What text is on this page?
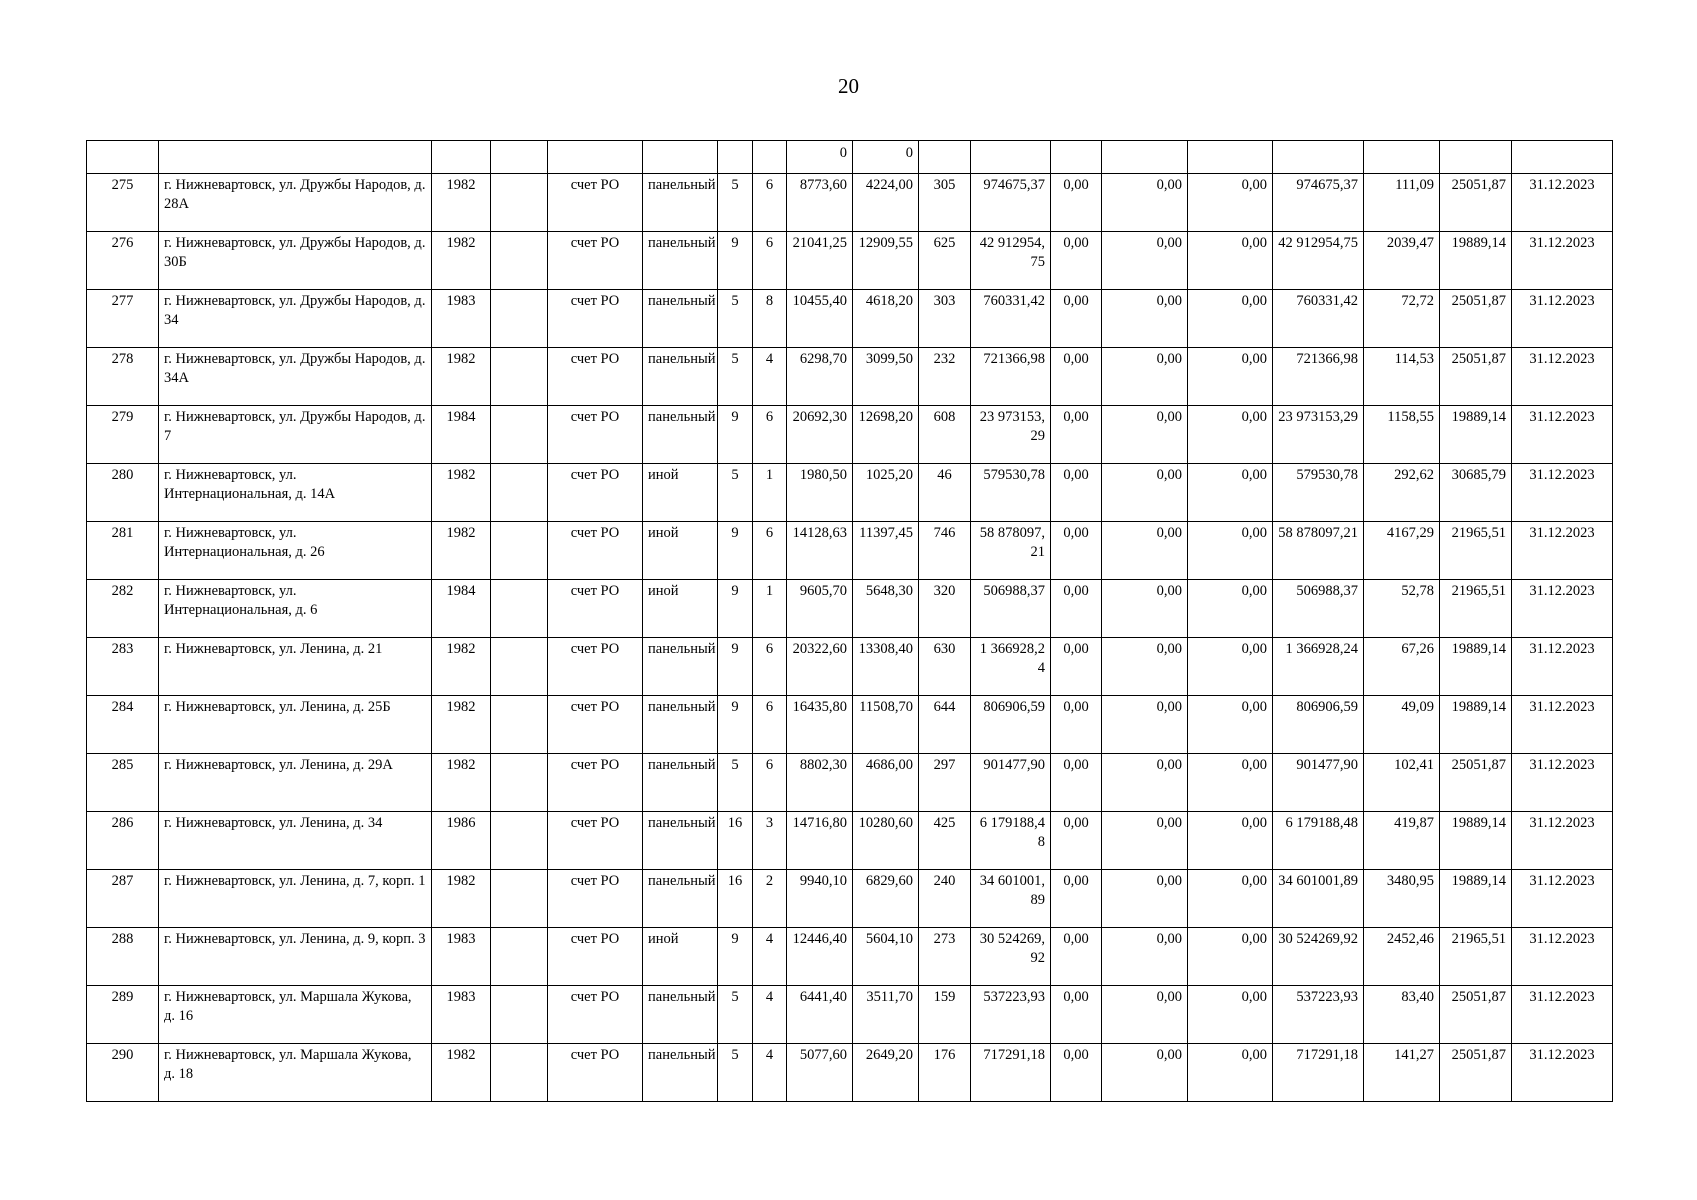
20
								0	0									
275	г. Нижневартовск, ул. Дружбы Народов, д. 28А	1982		счет РО	панельный	5	6	8773,60	4224,00	305	974675,37	0,00	0,00	0,00	974675,37	111,09	25051,87	31.12.2023
276	г. Нижневартовск, ул. Дружбы Народов, д. 30Б	1982		счет РО	панельный	9	6	21041,25	12909,55	625	42 912954,75	0,00	0,00	0,00	42 912954,75	2039,47	19889,14	31.12.2023
277	г. Нижневартовск, ул. Дружбы Народов, д. 34	1983		счет РО	панельный	5	8	10455,40	4618,20	303	760331,42	0,00	0,00	0,00	760331,42	72,72	25051,87	31.12.2023
278	г. Нижневартовск, ул. Дружбы Народов, д. 34А	1982		счет РО	панельный	5	4	6298,70	3099,50	232	721366,98	0,00	0,00	0,00	721366,98	114,53	25051,87	31.12.2023
279	г. Нижневартовск, ул. Дружбы Народов, д. 7	1984		счет РО	панельный	9	6	20692,30	12698,20	608	23 973153,29	0,00	0,00	0,00	23 973153,29	1158,55	19889,14	31.12.2023
280	г. Нижневартовск, ул. Интернациональная, д. 14А	1982		счет РО	иной	5	1	1980,50	1025,20	46	579530,78	0,00	0,00	0,00	579530,78	292,62	30685,79	31.12.2023
281	г. Нижневартовск, ул. Интернациональная, д. 26	1982		счет РО	иной	9	6	14128,63	11397,45	746	58 878097,21	0,00	0,00	0,00	58 878097,21	4167,29	21965,51	31.12.2023
282	г. Нижневартовск, ул. Интернациональная, д. 6	1984		счет РО	иной	9	1	9605,70	5648,30	320	506988,37	0,00	0,00	0,00	506988,37	52,78	21965,51	31.12.2023
283	г. Нижневартовск, ул. Ленина, д. 21	1982		счет РО	панельный	9	6	20322,60	13308,40	630	1 366928,24	0,00	0,00	0,00	1 366928,24	67,26	19889,14	31.12.2023
284	г. Нижневартовск, ул. Ленина, д. 25Б	1982		счет РО	панельный	9	6	16435,80	11508,70	644	806906,59	0,00	0,00	0,00	806906,59	49,09	19889,14	31.12.2023
285	г. Нижневартовск, ул. Ленина, д. 29А	1982		счет РО	панельный	5	6	8802,30	4686,00	297	901477,90	0,00	0,00	0,00	901477,90	102,41	25051,87	31.12.2023
286	г. Нижневартовск, ул. Ленина, д. 34	1986		счет РО	панельный	16	3	14716,80	10280,60	425	6 179188,48	0,00	0,00	0,00	6 179188,48	419,87	19889,14	31.12.2023
287	г. Нижневартовск, ул. Ленина, д. 7, корп. 1	1982		счет РО	панельный	16	2	9940,10	6829,60	240	34 601001,89	0,00	0,00	0,00	34 601001,89	3480,95	19889,14	31.12.2023
288	г. Нижневартовск, ул. Ленина, д. 9, корп. 3	1983		счет РО	иной	9	4	12446,40	5604,10	273	30 524269,92	0,00	0,00	0,00	30 524269,92	2452,46	21965,51	31.12.2023
289	г. Нижневартовск, ул. Маршала Жукова, д. 16	1983		счет РО	панельный	5	4	6441,40	3511,70	159	537223,93	0,00	0,00	0,00	537223,93	83,40	25051,87	31.12.2023
290	г. Нижневартовск, ул. Маршала Жукова, д. 18	1982		счет РО	панельный	5	4	5077,60	2649,20	176	717291,18	0,00	0,00	0,00	717291,18	141,27	25051,87	31.12.2023
